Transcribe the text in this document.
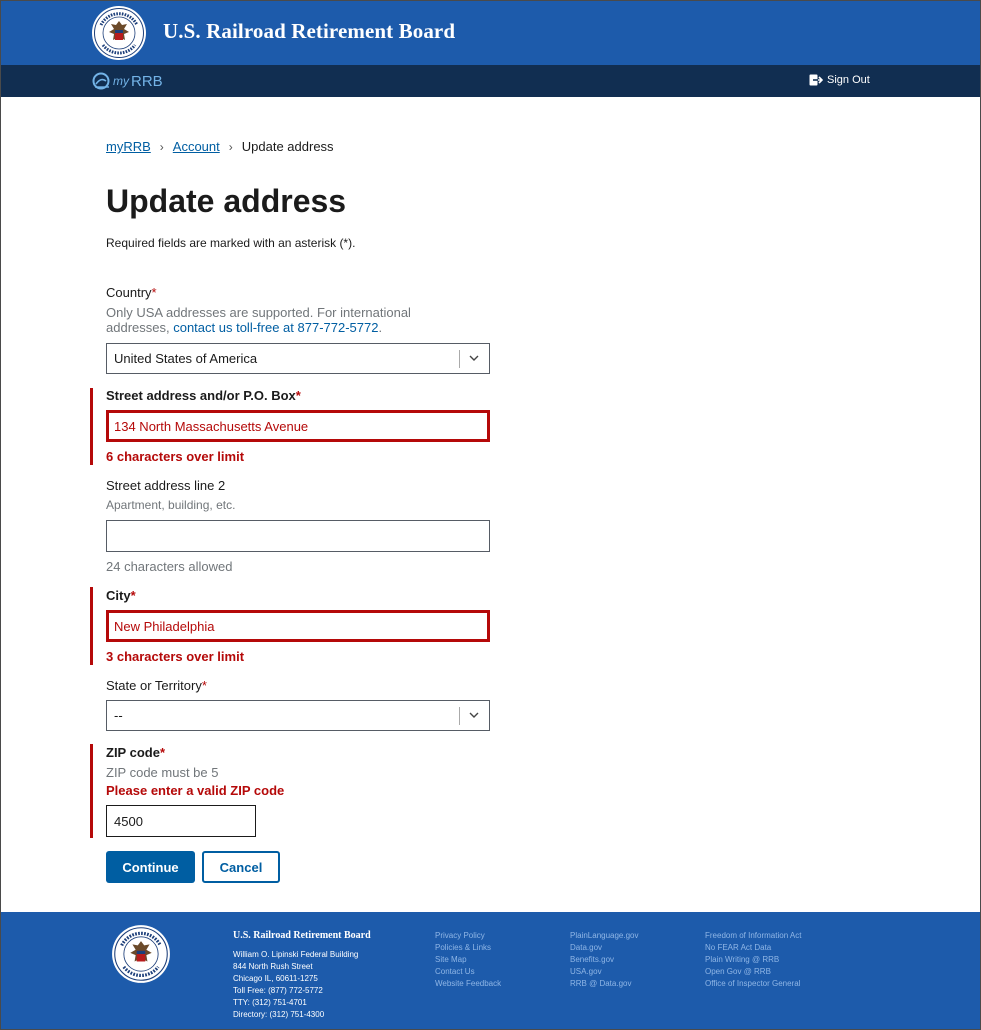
U.S. Railroad Retirement Board
my RRB	Sign Out
myRRB › Account › Update address
Update address
Required fields are marked with an asterisk (*).
Country*
Only USA addresses are supported. For international
addresses, contact us toll-free at 877-772-5772.
United States of America
Street address and/or P.O. Box*
134 North Massachusetts Avenue
6 characters over limit
Street address line 2
Apartment, building, etc.
24 characters allowed
City*
New Philadelphia
3 characters over limit
State or Territory*
--
ZIP code*
ZIP code must be 5
Please enter a valid ZIP code
4500
Continue	Cancel
U.S. Railroad Retirement Board
William O. Lipinski Federal Building
844 North Rush Street
Chicago IL, 60611-1275
Toll Free: (877) 772-5772
TTY: (312) 751-4701
Directory: (312) 751-4300
Privacy Policy
Policies & Links
Site Map
Contact Us
Website Feedback
PlainLanguage.gov
Data.gov
Benefits.gov
USA.gov
RRB @ Data.gov
Freedom of Information Act
No FEAR Act Data
Plain Writing @ RRB
Open Gov @ RRB
Office of Inspector General
